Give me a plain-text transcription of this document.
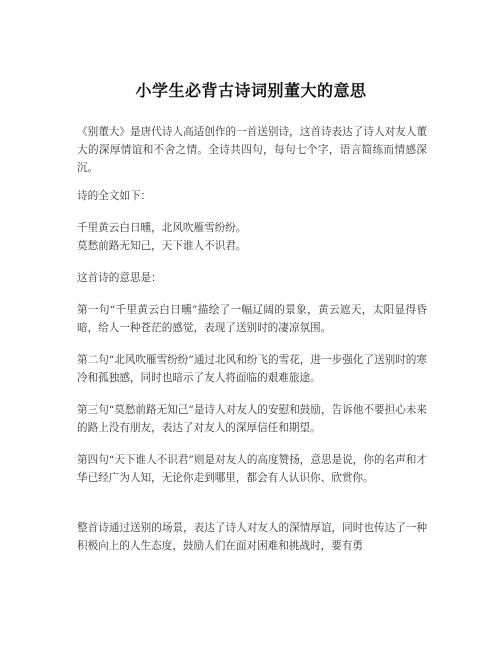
小学生必背古诗词别董大的意思

《别董大》是唐代诗人高适创作的一首送别诗，这首诗表达了诗人对友人董大的深厚情谊和不舍之情。全诗共四句，每句七个字，语言简练而情感深沉。

诗的全文如下：
千里黄云白日曛，北风吹雁雪纷纷。
莫愁前路无知己，天下谁人不识君。
这首诗的意思是：

第一句“千里黄云白日曛”描绘了一幅辽阔的景象，黄云遮天，太阳显得昏暗，给人一种苍茫的感觉，表现了送别时的凄凉氛围。

第二句“北风吹雁雪纷纷”通过北风和纷飞的雪花，进一步强化了送别时的寒冷和孤独感，同时也暗示了友人将面临的艰难旅途。

第三句“莫愁前路无知己”是诗人对友人的安慰和鼓励，告诉他不要担心未来的路上没有朋友，表达了对友人的深厚信任和期望。

第四句“天下谁人不识君”则是对友人的高度赞扬，意思是说，你的名声和才华已经广为人知，无论你走到哪里，都会有人认识你、欣赏你。

整首诗通过送别的场景，表达了诗人对友人的深情厚谊，同时也传达了一种积极向上的人生态度，鼓励人们在面对困难和挑战时，要有勇
